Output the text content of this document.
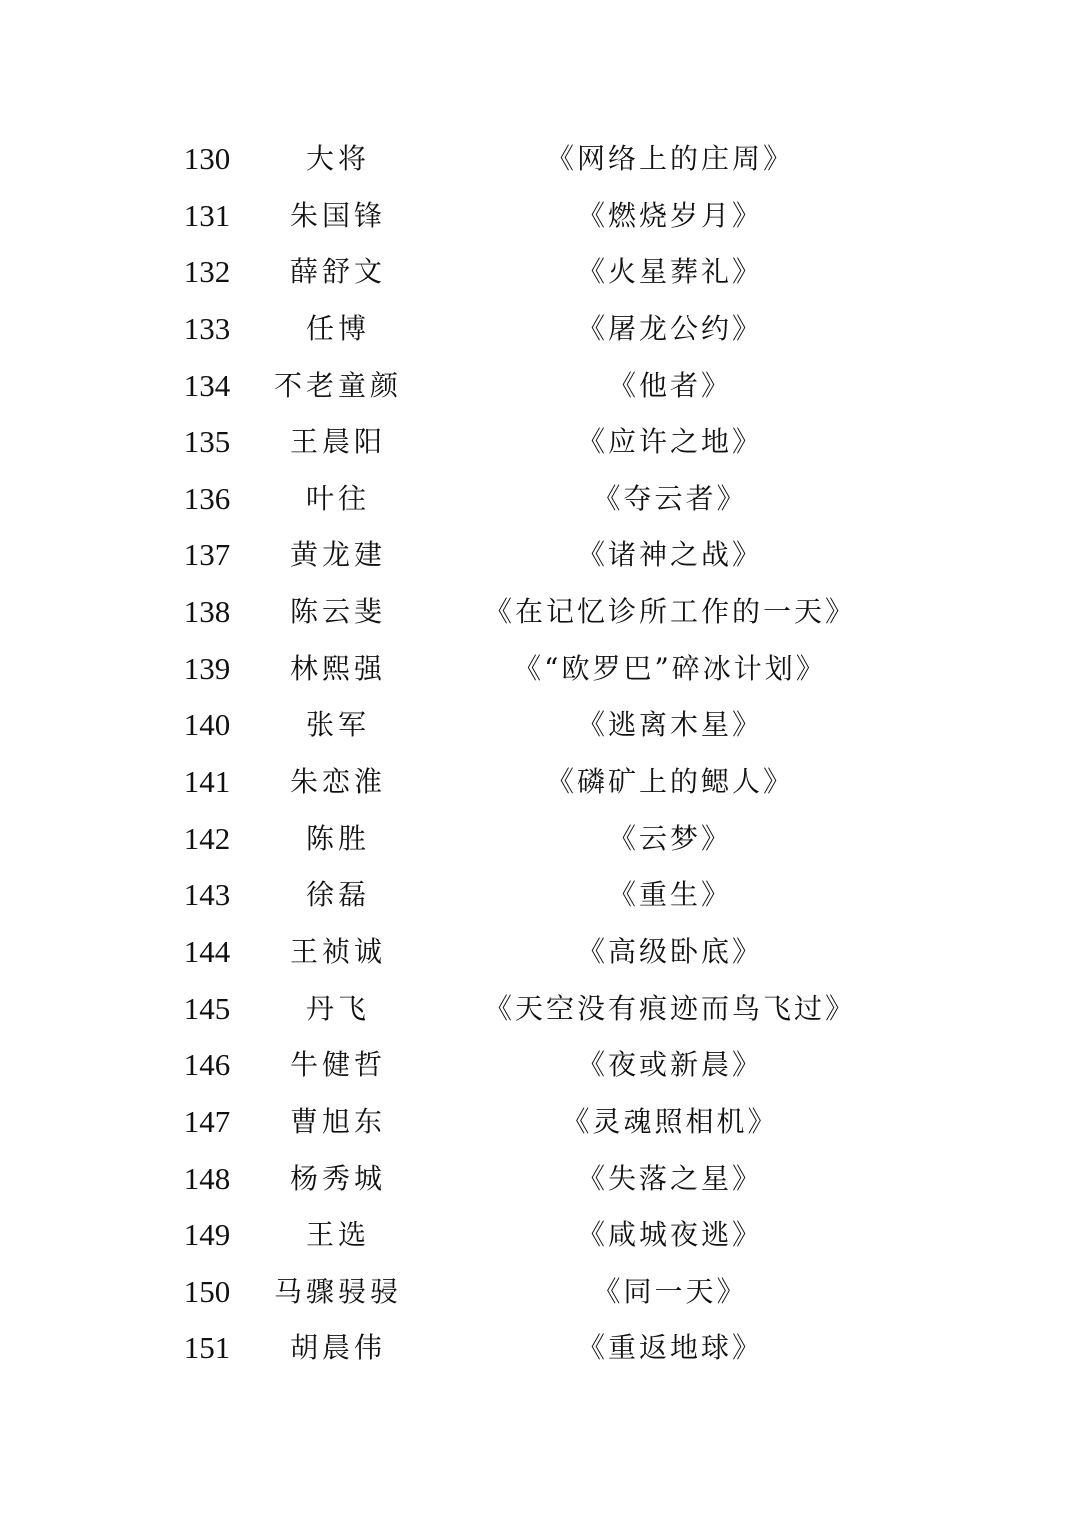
130	大将	《网络上的庄周》
131	朱国锋	《燃烧岁月》
132	薛舒文	《火星葬礼》
133	任博	《屠龙公约》
134	不老童颜	《他者》
135	王晨阳	《应许之地》
136	叶往	《夺云者》
137	黄龙建	《诸神之战》
138	陈云斐	《在记忆诊所工作的一天》
139	林熙强	《“欧罗巴”碎冰计划》
140	张军	《逃离木星》
141	朱恋淮	《磷矿上的鳃人》
142	陈胜	《云梦》
143	徐磊	《重生》
144	王祯诚	《高级卧底》
145	丹飞	《天空没有痕迹而鸟飞过》
146	牛健哲	《夜或新晨》
147	曹旭东	《灵魂照相机》
148	杨秀城	《失落之星》
149	王选	《咸城夜逃》
150	马骤骎骎	《同一天》
151	胡晨伟	《重返地球》
